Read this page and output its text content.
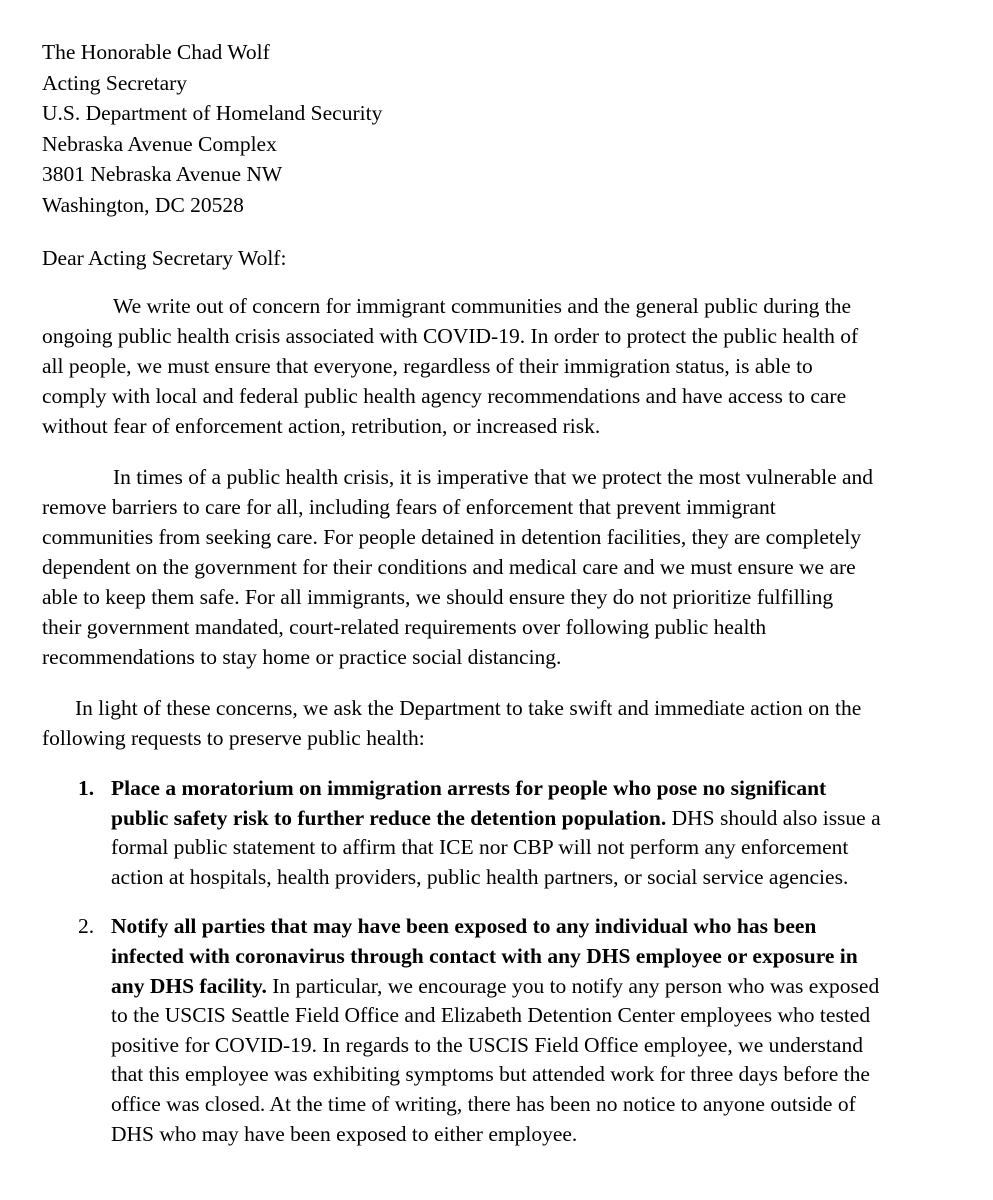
The Honorable Chad Wolf
Acting Secretary
U.S. Department of Homeland Security
Nebraska Avenue Complex
3801 Nebraska Avenue NW
Washington, DC 20528
Dear Acting Secretary Wolf:
We write out of concern for immigrant communities and the general public during the
ongoing public health crisis associated with COVID-19. In order to protect the public health of
all people, we must ensure that everyone, regardless of their immigration status, is able to
comply with local and federal public health agency recommendations and have access to care
without fear of enforcement action, retribution, or increased risk.
In times of a public health crisis, it is imperative that we protect the most vulnerable and
remove barriers to care for all, including fears of enforcement that prevent immigrant
communities from seeking care. For people detained in detention facilities, they are completely
dependent on the government for their conditions and medical care and we must ensure we are
able to keep them safe. For all immigrants, we should ensure they do not prioritize fulfilling
their government mandated, court-related requirements over following public health
recommendations to stay home or practice social distancing.
In light of these concerns, we ask the Department to take swift and immediate action on the
following requests to preserve public health:
1. Place a moratorium on immigration arrests for people who pose no significant
public safety risk to further reduce the detention population. DHS should also issue a
formal public statement to affirm that ICE nor CBP will not perform any enforcement
action at hospitals, health providers, public health partners, or social service agencies.
2. Notify all parties that may have been exposed to any individual who has been
infected with coronavirus through contact with any DHS employee or exposure in
any DHS facility. In particular, we encourage you to notify any person who was exposed
to the USCIS Seattle Field Office and Elizabeth Detention Center employees who tested
positive for COVID-19. In regards to the USCIS Field Office employee, we understand
that this employee was exhibiting symptoms but attended work for three days before the
office was closed. At the time of writing, there has been no notice to anyone outside of
DHS who may have been exposed to either employee.
